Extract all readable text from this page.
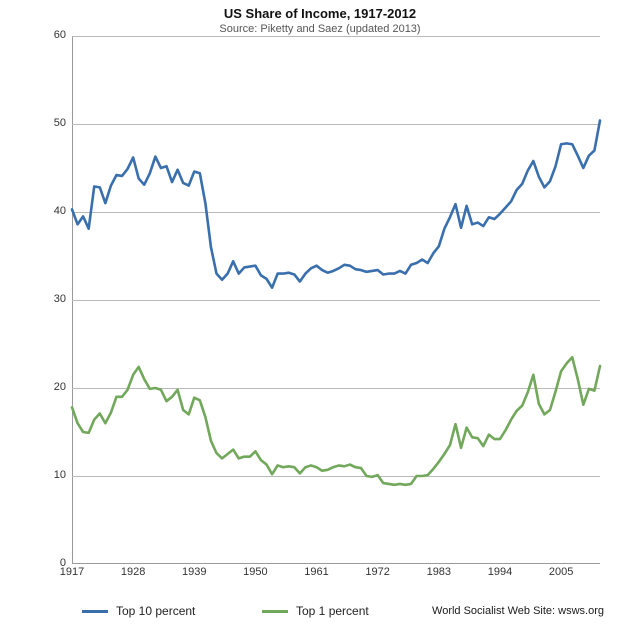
US Share of Income, 1917-2012
Source: Piketty and Saez (updated 2013)
0
10
20
30
40
50
60
1917	1928	1939	1950	1961	1972	1983	1994	2005
Top 10 percent	Top 1 percent	World Socialist Web Site: wsws.org
